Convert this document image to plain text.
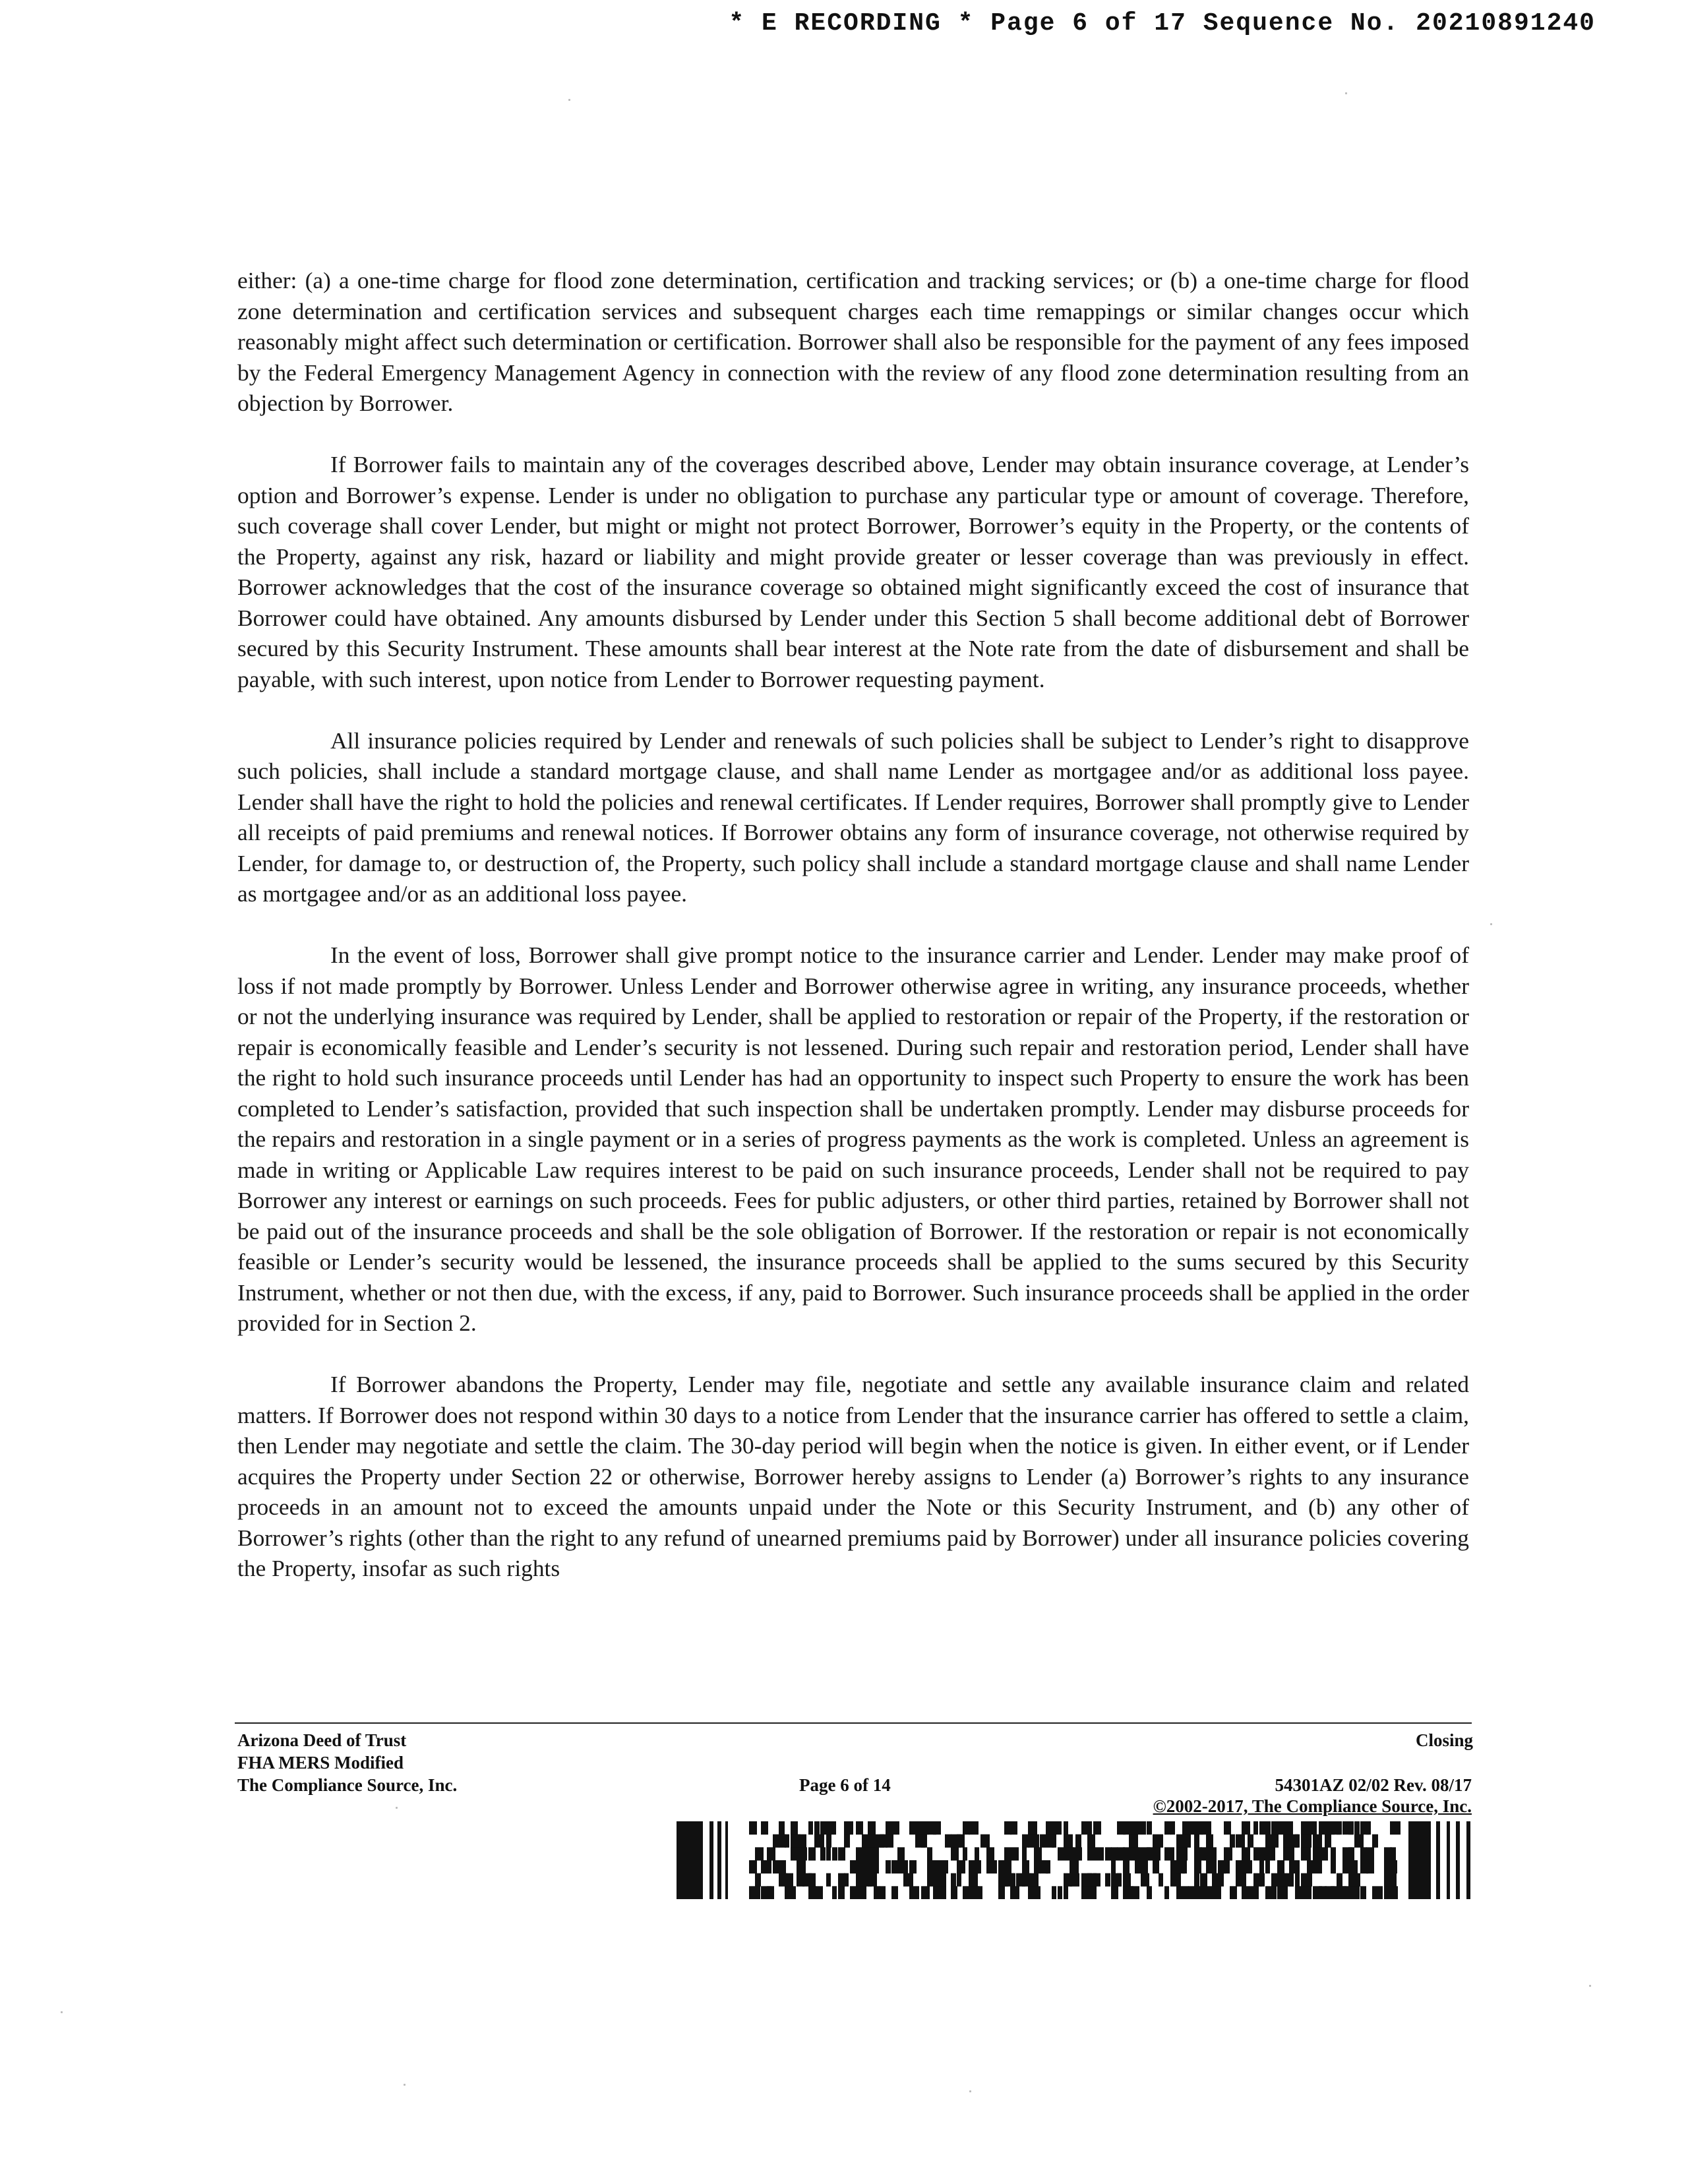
* E RECORDING * Page 6 of 17 Sequence No. 20210891240

either: (a) a one-time charge for flood zone determination, certification and tracking services; or (b) a one-time charge for flood zone determination and certification services and subsequent charges each time remappings or similar changes occur which reasonably might affect such determination or certification. Borrower shall also be responsible for the payment of any fees imposed by the Federal Emergency Management Agency in connection with the review of any flood zone determination resulting from an objection by Borrower.

If Borrower fails to maintain any of the coverages described above, Lender may obtain insurance coverage, at Lender’s option and Borrower’s expense. Lender is under no obligation to purchase any particular type or amount of coverage. Therefore, such coverage shall cover Lender, but might or might not protect Borrower, Borrower’s equity in the Property, or the contents of the Property, against any risk, hazard or liability and might provide greater or lesser coverage than was previously in effect. Borrower acknowledges that the cost of the insurance coverage so obtained might significantly exceed the cost of insurance that Borrower could have obtained. Any amounts disbursed by Lender under this Section 5 shall become additional debt of Borrower secured by this Security Instrument. These amounts shall bear interest at the Note rate from the date of disbursement and shall be payable, with such interest, upon notice from Lender to Borrower requesting payment.

All insurance policies required by Lender and renewals of such policies shall be subject to Lender’s right to disapprove such policies, shall include a standard mortgage clause, and shall name Lender as mortgagee and/or as additional loss payee. Lender shall have the right to hold the policies and renewal certificates. If Lender requires, Borrower shall promptly give to Lender all receipts of paid premiums and renewal notices. If Borrower obtains any form of insurance coverage, not otherwise required by Lender, for damage to, or destruction of, the Property, such policy shall include a standard mortgage clause and shall name Lender as mortgagee and/or as an additional loss payee.

In the event of loss, Borrower shall give prompt notice to the insurance carrier and Lender. Lender may make proof of loss if not made promptly by Borrower. Unless Lender and Borrower otherwise agree in writing, any insurance proceeds, whether or not the underlying insurance was required by Lender, shall be applied to restoration or repair of the Property, if the restoration or repair is economically feasible and Lender’s security is not lessened. During such repair and restoration period, Lender shall have the right to hold such insurance proceeds until Lender has had an opportunity to inspect such Property to ensure the work has been completed to Lender’s satisfaction, provided that such inspection shall be undertaken promptly. Lender may disburse proceeds for the repairs and restoration in a single payment or in a series of progress payments as the work is completed. Unless an agreement is made in writing or Applicable Law requires interest to be paid on such insurance proceeds, Lender shall not be required to pay Borrower any interest or earnings on such proceeds. Fees for public adjusters, or other third parties, retained by Borrower shall not be paid out of the insurance proceeds and shall be the sole obligation of Borrower. If the restoration or repair is not economically feasible or Lender’s security would be lessened, the insurance proceeds shall be applied to the sums secured by this Security Instrument, whether or not then due, with the excess, if any, paid to Borrower. Such insurance proceeds shall be applied in the order provided for in Section 2.

If Borrower abandons the Property, Lender may file, negotiate and settle any available insurance claim and related matters. If Borrower does not respond within 30 days to a notice from Lender that the insurance carrier has offered to settle a claim, then Lender may negotiate and settle the claim. The 30-day period will begin when the notice is given. In either event, or if Lender acquires the Property under Section 22 or otherwise, Borrower hereby assigns to Lender (a) Borrower’s rights to any insurance proceeds in an amount not to exceed the amounts unpaid under the Note or this Security Instrument, and (b) any other of Borrower’s rights (other than the right to any refund of unearned premiums paid by Borrower) under all insurance policies covering the Property, insofar as such rights

Arizona Deed of Trust
FHA MERS Modified
The Compliance Source, Inc.
Closing
Page 6 of 14	54301AZ 02/02 Rev. 08/17
©2002-2017, The Compliance Source, Inc.
